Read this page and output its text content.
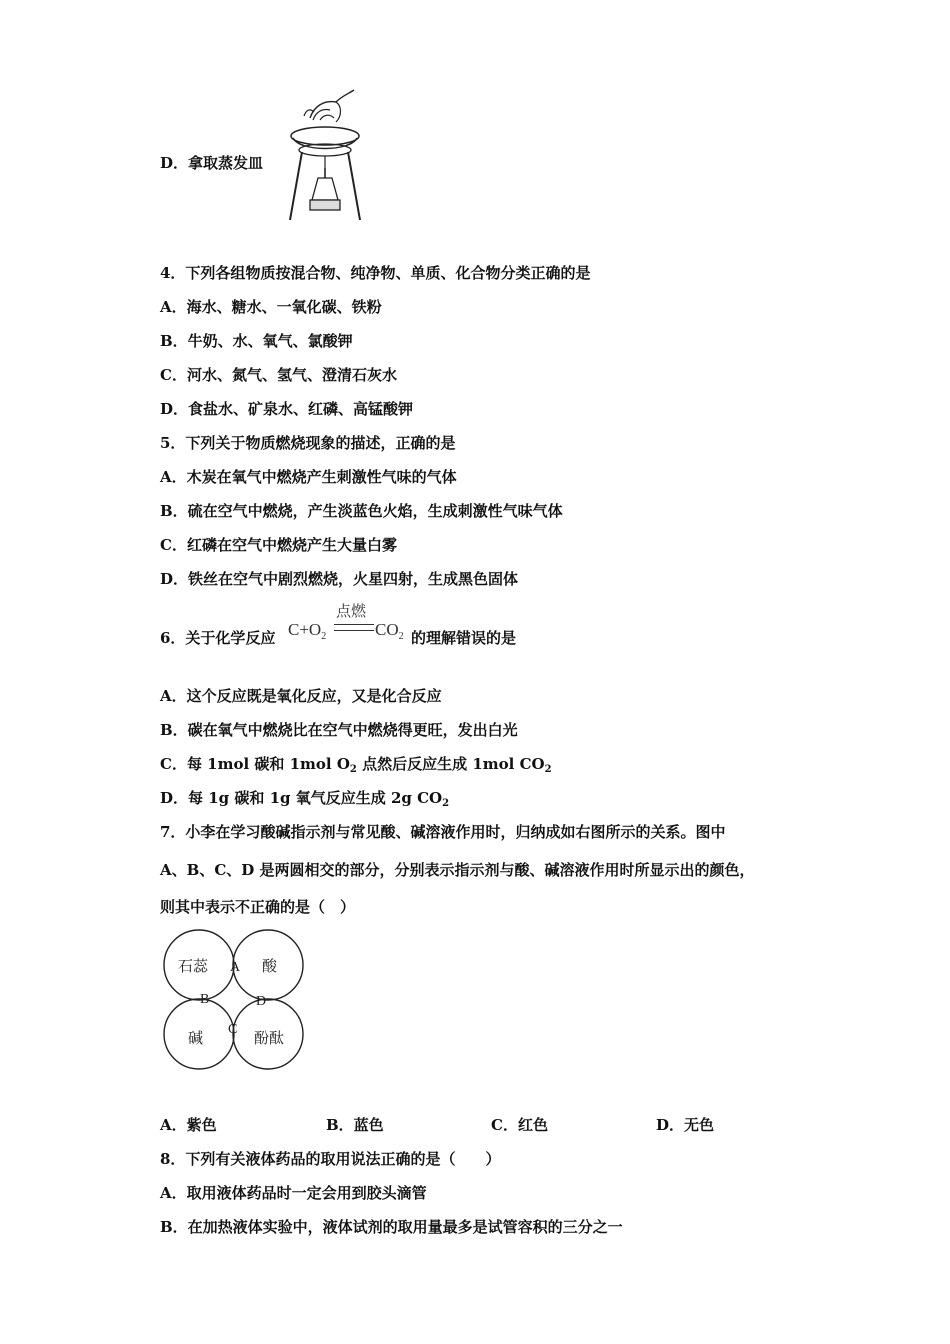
D．拿取蒸发皿
4．下列各组物质按混合物、纯净物、单质、化合物分类正确的是
A．海水、糖水、一氧化碳、铁粉
B．牛奶、水、氧气、氯酸钾
C．河水、氮气、氢气、澄清石灰水
D．食盐水、矿泉水、红磷、高锰酸钾
5．下列关于物质燃烧现象的描述，正确的是
A．木炭在氧气中燃烧产生刺激性气味的气体
B．硫在空气中燃烧，产生淡蓝色火焰，生成刺激性气味气体
C．红磷在空气中燃烧产生大量白雾
D．铁丝在空气中剧烈燃烧，火星四射，生成黑色固体
6．关于化学反应 $C+O_2$
点燃
$CO_2$ 的理解错误的是
A．这个反应既是氧化反应，又是化合反应
B．碳在氧气中燃烧比在空气中燃烧得更旺，发出白光
C．每 1mol 碳和 1mol $O_2$ 点然后反应生成 1mol $CO_2$
D．每 1g 碳和 1g 氧气反应生成 2g $CO_2$
7．小李在学习酸碱指示剂与常见酸、碱溶液作用时，归纳成如右图所示的关系。图中
A、B、C、D 是两圆相交的部分，分别表示指示剂与酸、碱溶液作用时所显示出的颜色，
则其中表示不正确的是（　）
石蕊	酸
碱	酚酞
A
B
C
D
A．紫色	B．蓝色	C．红色	D．无色
8．下列有关液体药品的取用说法正确的是（　　）
A．取用液体药品时一定会用到胶头滴管
B．在加热液体实验中，液体试剂的取用量最多是试管容积的三分之一
